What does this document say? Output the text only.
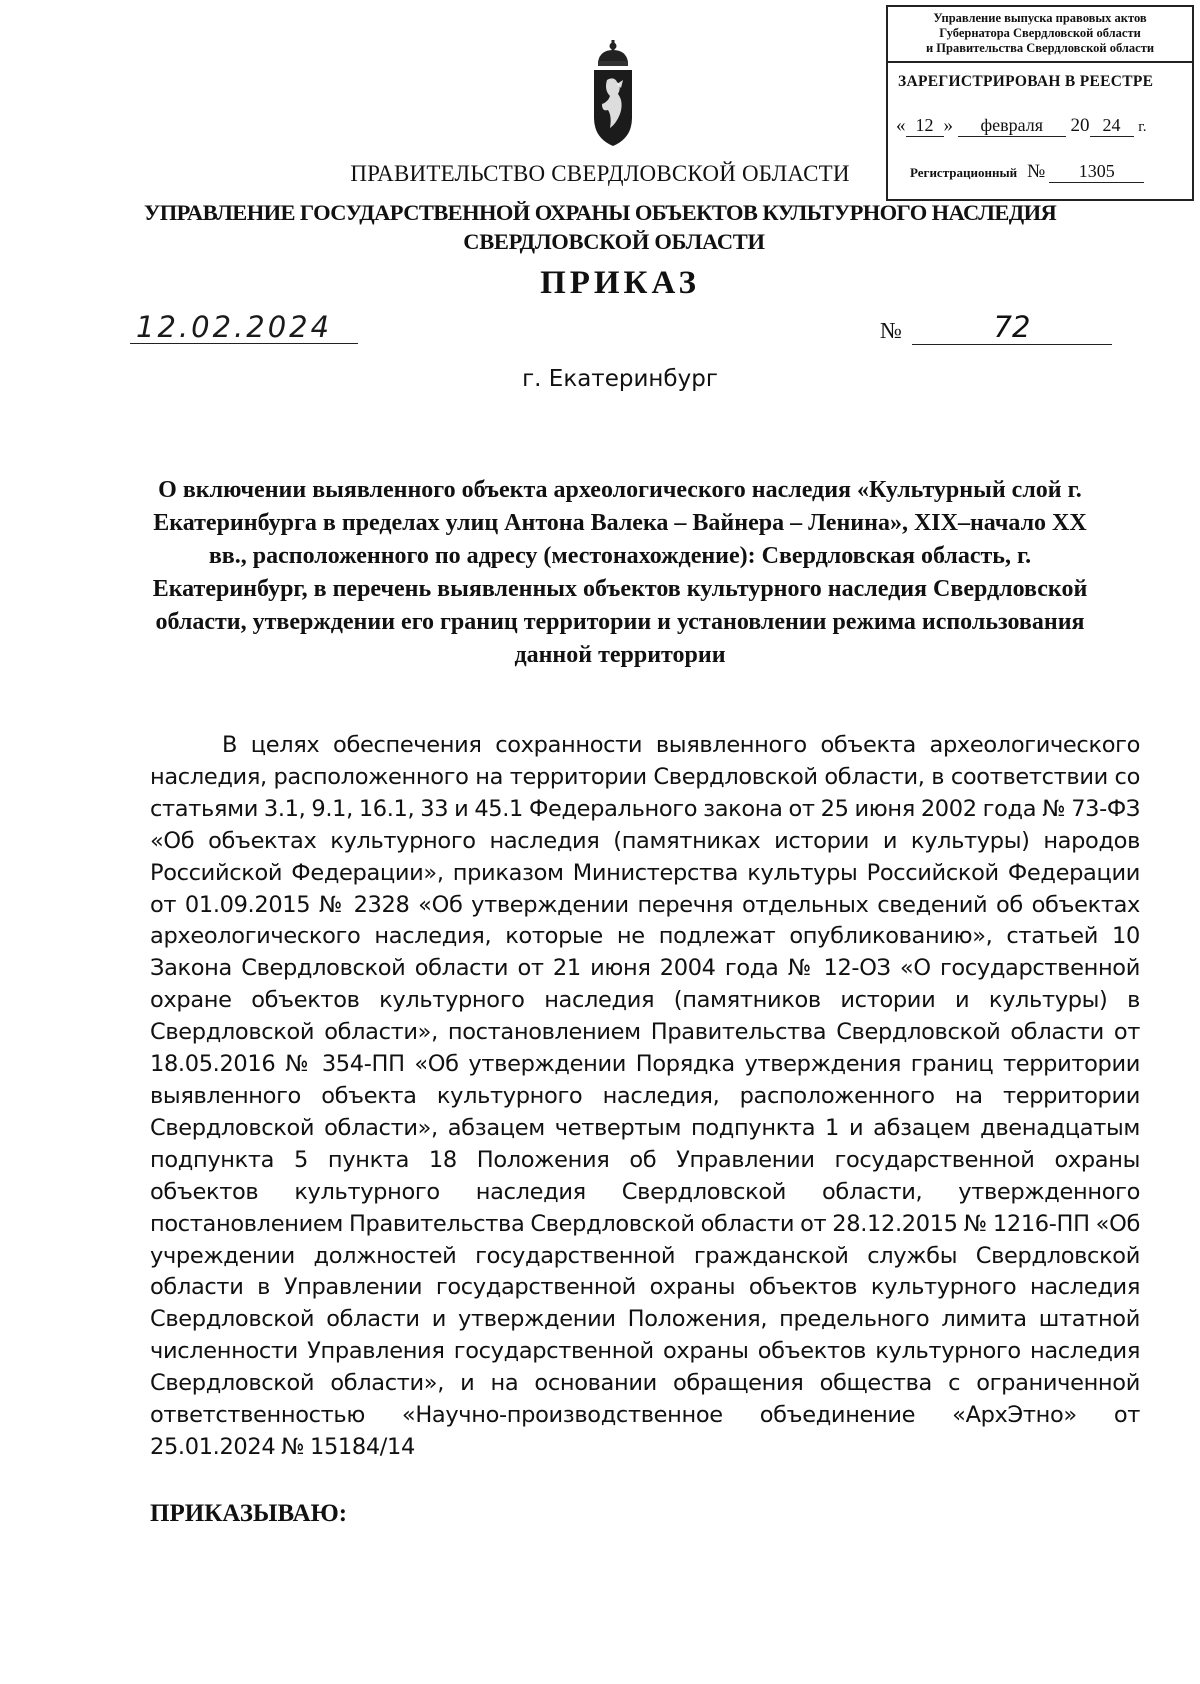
Управление выпуска правовых актов
Губернатора Свердловской области
и Правительства Свердловской области
ЗАРЕГИСТРИРОВАН В РЕЕСТРЕ
« 12 » февраля 20 24 г.
Регистрационный № 1305
ПРАВИТЕЛЬСТВО СВЕРДЛОВСКОЙ ОБЛАСТИ
УПРАВЛЕНИЕ ГОСУДАРСТВЕННОЙ ОХРАНЫ ОБЪЕКТОВ КУЛЬТУРНОГО НАСЛЕДИЯ
СВЕРДЛОВСКОЙ ОБЛАСТИ
ПРИКАЗ
12.02.2024	№	72
г. Екатеринбург
О включении выявленного объекта археологического наследия «Культурный слой г. Екатеринбурга в пределах улиц Антона Валека – Вайнера – Ленина», XIX–начало XX вв., расположенного по адресу (местонахождение): Свердловская область, г. Екатеринбург, в перечень выявленных объектов культурного наследия Свердловской области, утверждении его границ территории и установлении режима использования данной территории
В целях обеспечения сохранности выявленного объекта археологического наследия, расположенного на территории Свердловской области, в соответствии со статьями 3.1, 9.1, 16.1, 33 и 45.1 Федерального закона от 25 июня 2002 года № 73-ФЗ «Об объектах культурного наследия (памятниках истории и культуры) народов Российской Федерации», приказом Министерства культуры Российской Федерации от 01.09.2015 № 2328 «Об утверждении перечня отдельных сведений об объектах археологического наследия, которые не подлежат опубликованию», статьей 10 Закона Свердловской области от 21 июня 2004 года № 12-ОЗ «О государственной охране объектов культурного наследия (памятников истории и культуры) в Свердловской области», постановлением Правительства Свердловской области от 18.05.2016 № 354-ПП «Об утверждении Порядка утверждения границ территории выявленного объекта культурного наследия, расположенного на территории Свердловской области», абзацем четвертым подпункта 1 и абзацем двенадцатым подпункта 5 пункта 18 Положения об Управлении государственной охраны объектов культурного наследия Свердловской области, утвержденного постановлением Правительства Свердловской области от 28.12.2015 № 1216-ПП «Об учреждении должностей государственной гражданской службы Свердловской области в Управлении государственной охраны объектов культурного наследия Свердловской области и утверждении Положения, предельного лимита штатной численности Управления государственной охраны объектов культурного наследия Свердловской области», и на основании обращения общества с ограниченной ответственностью «Научно-производственное объединение «АрхЭтно» от 25.01.2024 № 15184/14
ПРИКАЗЫВАЮ:
